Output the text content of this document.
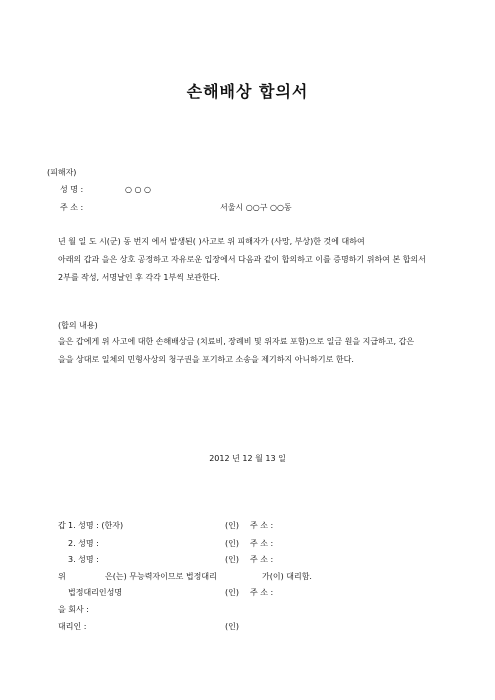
손해배상 합의서
(피해자)
성 명 :	○ ○ ○
주 소 :	서울시 ○○구 ○○동
년 월 일 도 시(군) 동 번지 에서 발생된( )사고로 위 피해자가 (사망, 부상)한 것에 대하여
아래의 갑과 을은 상호 공정하고 자유로운 입장에서 다음과 같이 합의하고 이를 증명하기 위하여 본 합의서
2부를 작성, 서명날인 후 각각 1부씩 보관한다.
(합의 내용)
을은 갑에게 위 사고에 대한 손해배상금 (치료비, 장례비 및 위자료 포함)으로 일금 원을 지급하고, 갑은
을을 상대로 일체의 민형사상의 청구권을 포기하고 소송을 제기하지 아니하기로 한다.
2012 년 12 월 13 일
갑 1. 성명 : (한자)	(인) 주 소 :
2. 성명 :	(인) 주 소 :
3. 성명 :	(인) 주 소 :
위	은(는) 무능력자이므로 법정대리	가(이) 대리함.
법정대리인성명	(인) 주 소 :
을 회사 :
대리인 :	(인)
